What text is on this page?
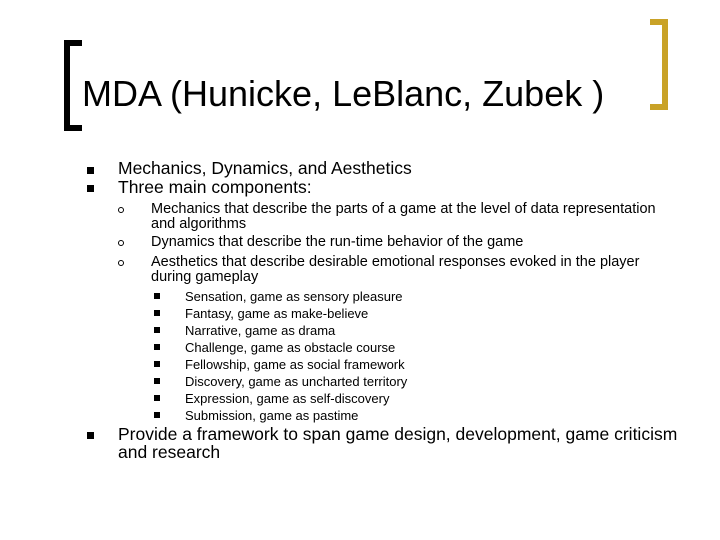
MDA (Hunicke, LeBlanc, Zubek )
Mechanics, Dynamics, and Aesthetics
Three main components:
Mechanics that describe the parts of a game at the level of data representation and algorithms
Dynamics that describe the run-time behavior of the game
Aesthetics that describe desirable emotional responses evoked in the player during gameplay
Sensation, game as sensory pleasure
Fantasy, game as make-believe
Narrative, game as drama
Challenge, game as obstacle course
Fellowship, game as social framework
Discovery, game as uncharted territory
Expression, game as self-discovery
Submission, game as pastime
Provide a framework to span game design, development, game criticism and research
